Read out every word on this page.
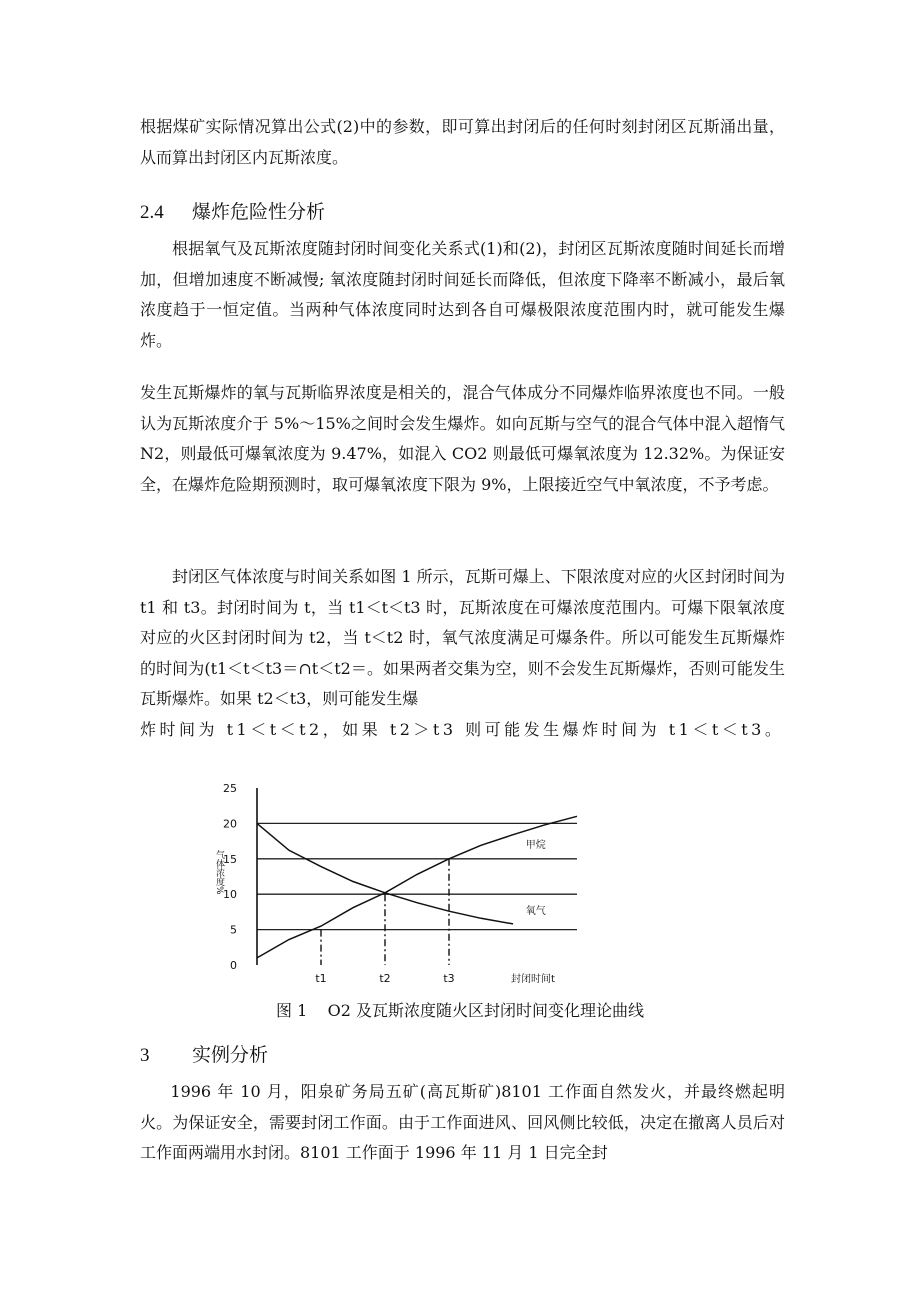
根据煤矿实际情况算出公式(2)中的参数，即可算出封闭后的任何时刻封闭区瓦斯涌出量，从而算出封闭区内瓦斯浓度。

2.4 爆炸危险性分析

根据氧气及瓦斯浓度随封闭时间变化关系式(1)和(2)，封闭区瓦斯浓度随时间延长而增加，但增加速度不断减慢; 氧浓度随封闭时间延长而降低，但浓度下降率不断减小，最后氧浓度趋于一恒定值。当两种气体浓度同时达到各自可爆极限浓度范围内时，就可能发生爆炸。

发生瓦斯爆炸的氧与瓦斯临界浓度是相关的，混合气体成分不同爆炸临界浓度也不同。一般认为瓦斯浓度介于 5%～15%之间时会发生爆炸。如向瓦斯与空气的混合气体中混入超惰气 N2，则最低可爆氧浓度为 9.47%，如混入 CO2 则最低可爆氧浓度为 12.32%。为保证安全，在爆炸危险期预测时，取可爆氧浓度下限为 9%，上限接近空气中氧浓度，不予考虑。

封闭区气体浓度与时间关系如图 1 所示，瓦斯可爆上、下限浓度对应的火区封闭时间为 t1 和 t3。封闭时间为 t，当 t1＜t＜t3 时，瓦斯浓度在可爆浓度范围内。可爆下限氧浓度对应的火区封闭时间为 t2，当 t＜t2 时，氧气浓度满足可爆条件。所以可能发生瓦斯爆炸的时间为(t1＜t＜t3＝∩t＜t2＝。如果两者交集为空，则不会发生瓦斯爆炸，否则可能发生瓦斯爆炸。如果 t2＜t3，则可能发生爆

炸时间为 t1＜t＜t2，如果 t2＞t3 则可能发生爆炸时间为 t1＜t＜t3。

0
5
10
15
20
25
t1	t2	t3	封闭时间t
气体浓度%
甲烷
氧气
图 1    O2 及瓦斯浓度随火区封闭时间变化理论曲线
3 实例分析

1996 年 10 月，阳泉矿务局五矿(高瓦斯矿)8101 工作面自然发火，并最终燃起明火。为保证安全，需要封闭工作面。由于工作面进风、回风侧比较低，决定在撤离人员后对工作面两端用水封闭。8101 工作面于 1996 年 11 月 1 日完全封
